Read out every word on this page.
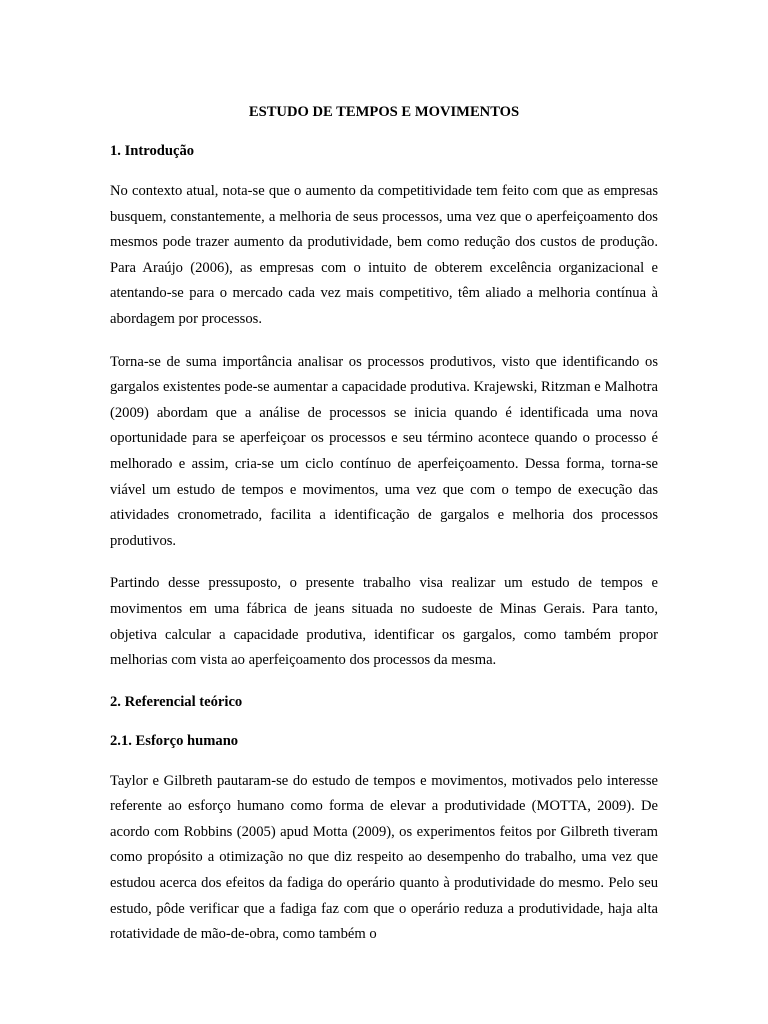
ESTUDO DE TEMPOS E MOVIMENTOS
1. Introdução

No contexto atual, nota-se que o aumento da competitividade tem feito com que as empresas busquem, constantemente, a melhoria de seus processos, uma vez que o aperfeiçoamento dos mesmos pode trazer aumento da produtividade, bem como redução dos custos de produção. Para Araújo (2006), as empresas com o intuito de obterem excelência organizacional e atentando-se para o mercado cada vez mais competitivo, têm aliado a melhoria contínua à abordagem por processos.

Torna-se de suma importância analisar os processos produtivos, visto que identificando os gargalos existentes pode-se aumentar a capacidade produtiva. Krajewski, Ritzman e Malhotra (2009) abordam que a análise de processos se inicia quando é identificada uma nova oportunidade para se aperfeiçoar os processos e seu término acontece quando o processo é melhorado e assim, cria-se um ciclo contínuo de aperfeiçoamento. Dessa forma, torna-se viável um estudo de tempos e movimentos, uma vez que com o tempo de execução das atividades cronometrado, facilita a identificação de gargalos e melhoria dos processos produtivos.

Partindo desse pressuposto, o presente trabalho visa realizar um estudo de tempos e movimentos em uma fábrica de jeans situada no sudoeste de Minas Gerais. Para tanto, objetiva calcular a capacidade produtiva, identificar os gargalos, como também propor melhorias com vista ao aperfeiçoamento dos processos da mesma.

2. Referencial teórico
2.1. Esforço humano

Taylor e Gilbreth pautaram-se do estudo de tempos e movimentos, motivados pelo interesse referente ao esforço humano como forma de elevar a produtividade (MOTTA, 2009). De acordo com Robbins (2005) apud Motta (2009), os experimentos feitos por Gilbreth tiveram como propósito a otimização no que diz respeito ao desempenho do trabalho, uma vez que estudou acerca dos efeitos da fadiga do operário quanto à produtividade do mesmo. Pelo seu estudo, pôde verificar que a fadiga faz com que o operário reduza a produtividade, haja alta rotatividade de mão-de-obra, como também o
